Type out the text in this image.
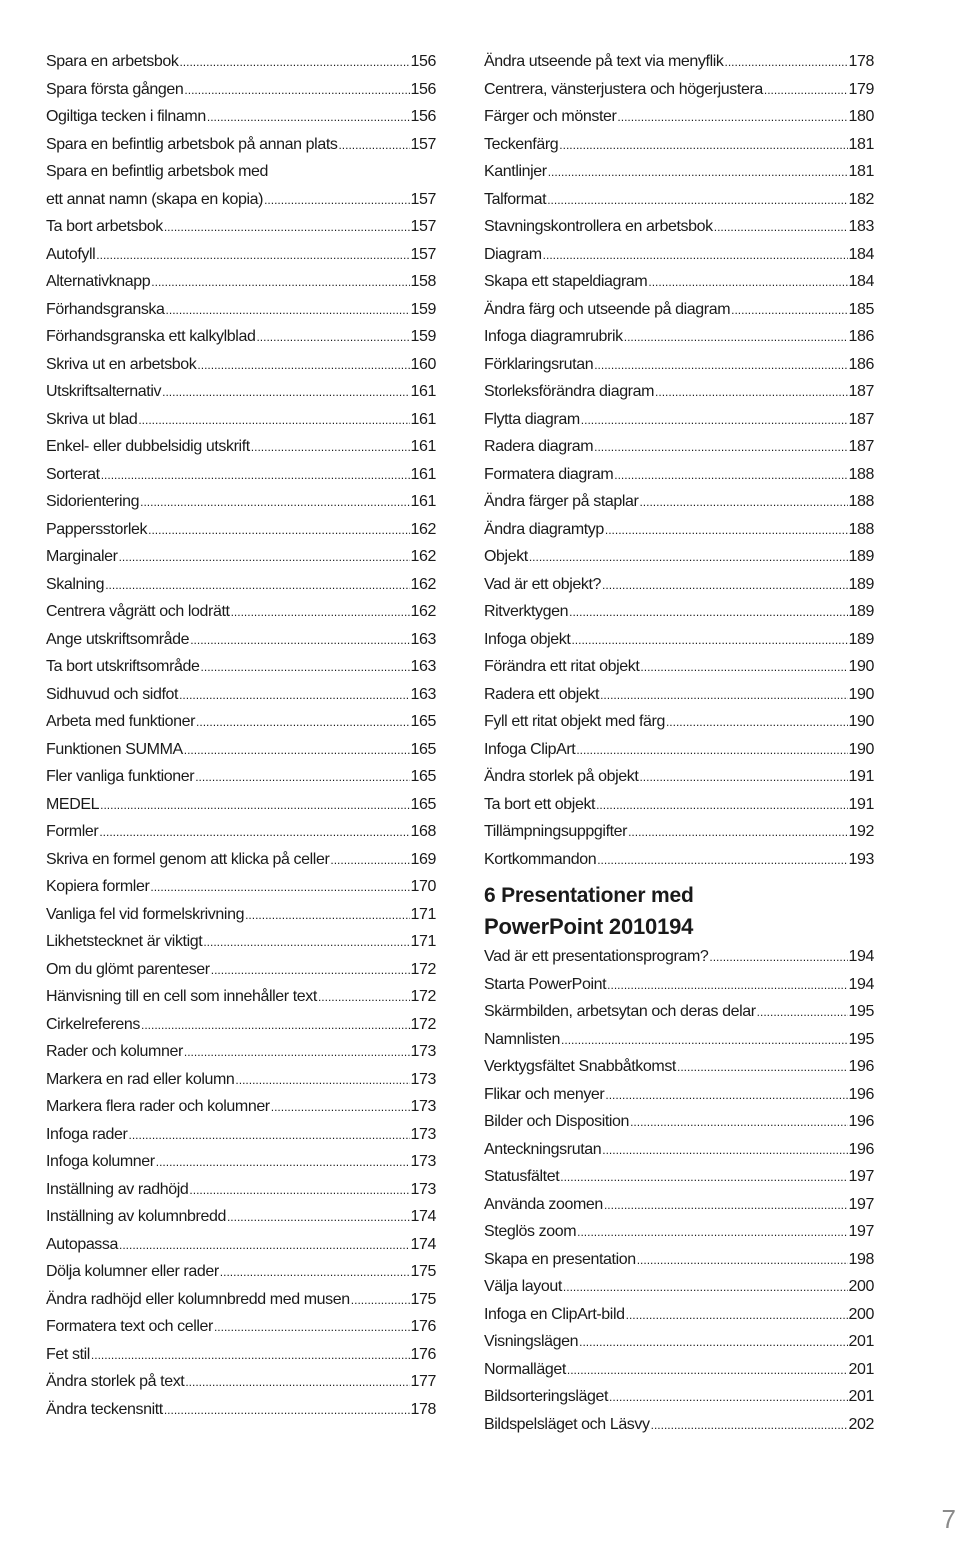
Spara en arbetsbok .....	156
Spara första gången .....	156
Ogiltiga tecken i filnamn .....	156
Spara en befintlig arbetsbok på annan plats .....	157
Spara en befintlig arbetsbok med
ett annat namn (skapa en kopia) .....	157
Ta bort arbetsbok .....	157
Autofyll .....	157
Alternativknapp .....	158
Förhandsgranska .....	159
Förhandsgranska ett kalkylblad .....	159
Skriva ut en arbetsbok .....	160
Utskriftsalternativ .....	161
Skriva ut blad .....	161
Enkel- eller dubbelsidig utskrift .....	161
Sorterat .....	161
Sidorientering .....	161
Pappersstorlek .....	162
Marginaler .....	162
Skalning .....	162
Centrera vågrätt och lodrätt .....	162
Ange utskriftsområde .....	163
Ta bort utskriftsområde .....	163
Sidhuvud och sidfot .....	163
Arbeta med funktioner .....	165
Funktionen SUMMA .....	165
Fler vanliga funktioner .....	165
MEDEL .....	165
Formler .....	168
Skriva en formel genom att klicka på celler .....	169
Kopiera formler .....	170
Vanliga fel vid formelskrivning .....	171
Likhetstecknet är viktigt .....	171
Om du glömt parenteser .....	172
Hänvisning till en cell som innehåller text .....	172
Cirkelreferens .....	172
Rader och kolumner .....	173
Markera en rad eller kolumn .....	173
Markera flera rader och kolumner .....	173
Infoga rader .....	173
Infoga kolumner .....	173
Inställning av radhöjd .....	173
Inställning av kolumnbredd .....	174
Autopassa .....	174
Dölja kolumner eller rader .....	175
Ändra radhöjd eller kolumnbredd med musen .....	175
Formatera text och celler .....	176
Fet stil .....	176
Ändra storlek på text .....	177
Ändra teckensnitt .....	178
Ändra utseende på text via menyflik .....	178
Centrera, vänsterjustera och högerjustera .....	179
Färger och mönster .....	180
Teckenfärg .....	181
Kantlinjer .....	181
Talformat .....	182
Stavningskontrollera en arbetsbok .....	183
Diagram .....	184
Skapa ett stapeldiagram .....	184
Ändra färg och utseende på diagram .....	185
Infoga diagramrubrik .....	186
Förklaringsrutan .....	186
Storleksförändra diagram .....	187
Flytta diagram .....	187
Radera diagram .....	187
Formatera diagram .....	188
Ändra färger på staplar .....	188
Ändra diagramtyp .....	188
Objekt .....	189
Vad är ett objekt? .....	189
Ritverktygen .....	189
Infoga objekt .....	189
Förändra ett ritat objekt .....	190
Radera ett objekt .....	190
Fyll ett ritat objekt med färg .....	190
Infoga ClipArt .....	190
Ändra storlek på objekt .....	191
Ta bort ett objekt .....	191
Tillämpningsuppgifter .....	192
Kortkommandon .....	193
6 Presentationer med
PowerPoint 2010 194
Vad är ett presentationsprogram? .....	194
Starta PowerPoint .....	194
Skärmbilden, arbetsytan och deras delar .....	195
Namnlisten .....	195
Verktygsfältet Snabbåtkomst .....	196
Flikar och menyer .....	196
Bilder och Disposition .....	196
Anteckningsrutan .....	196
Statusfältet .....	197
Använda zoomen .....	197
Steglös zoom .....	197
Skapa en presentation .....	198
Välja layout .....	200
Infoga en ClipArt-bild .....	200
Visningslägen .....	201
Normalläget .....	201
Bildsorteringsläget .....	201
Bildspelsläget och Läsvy .....	202
7
